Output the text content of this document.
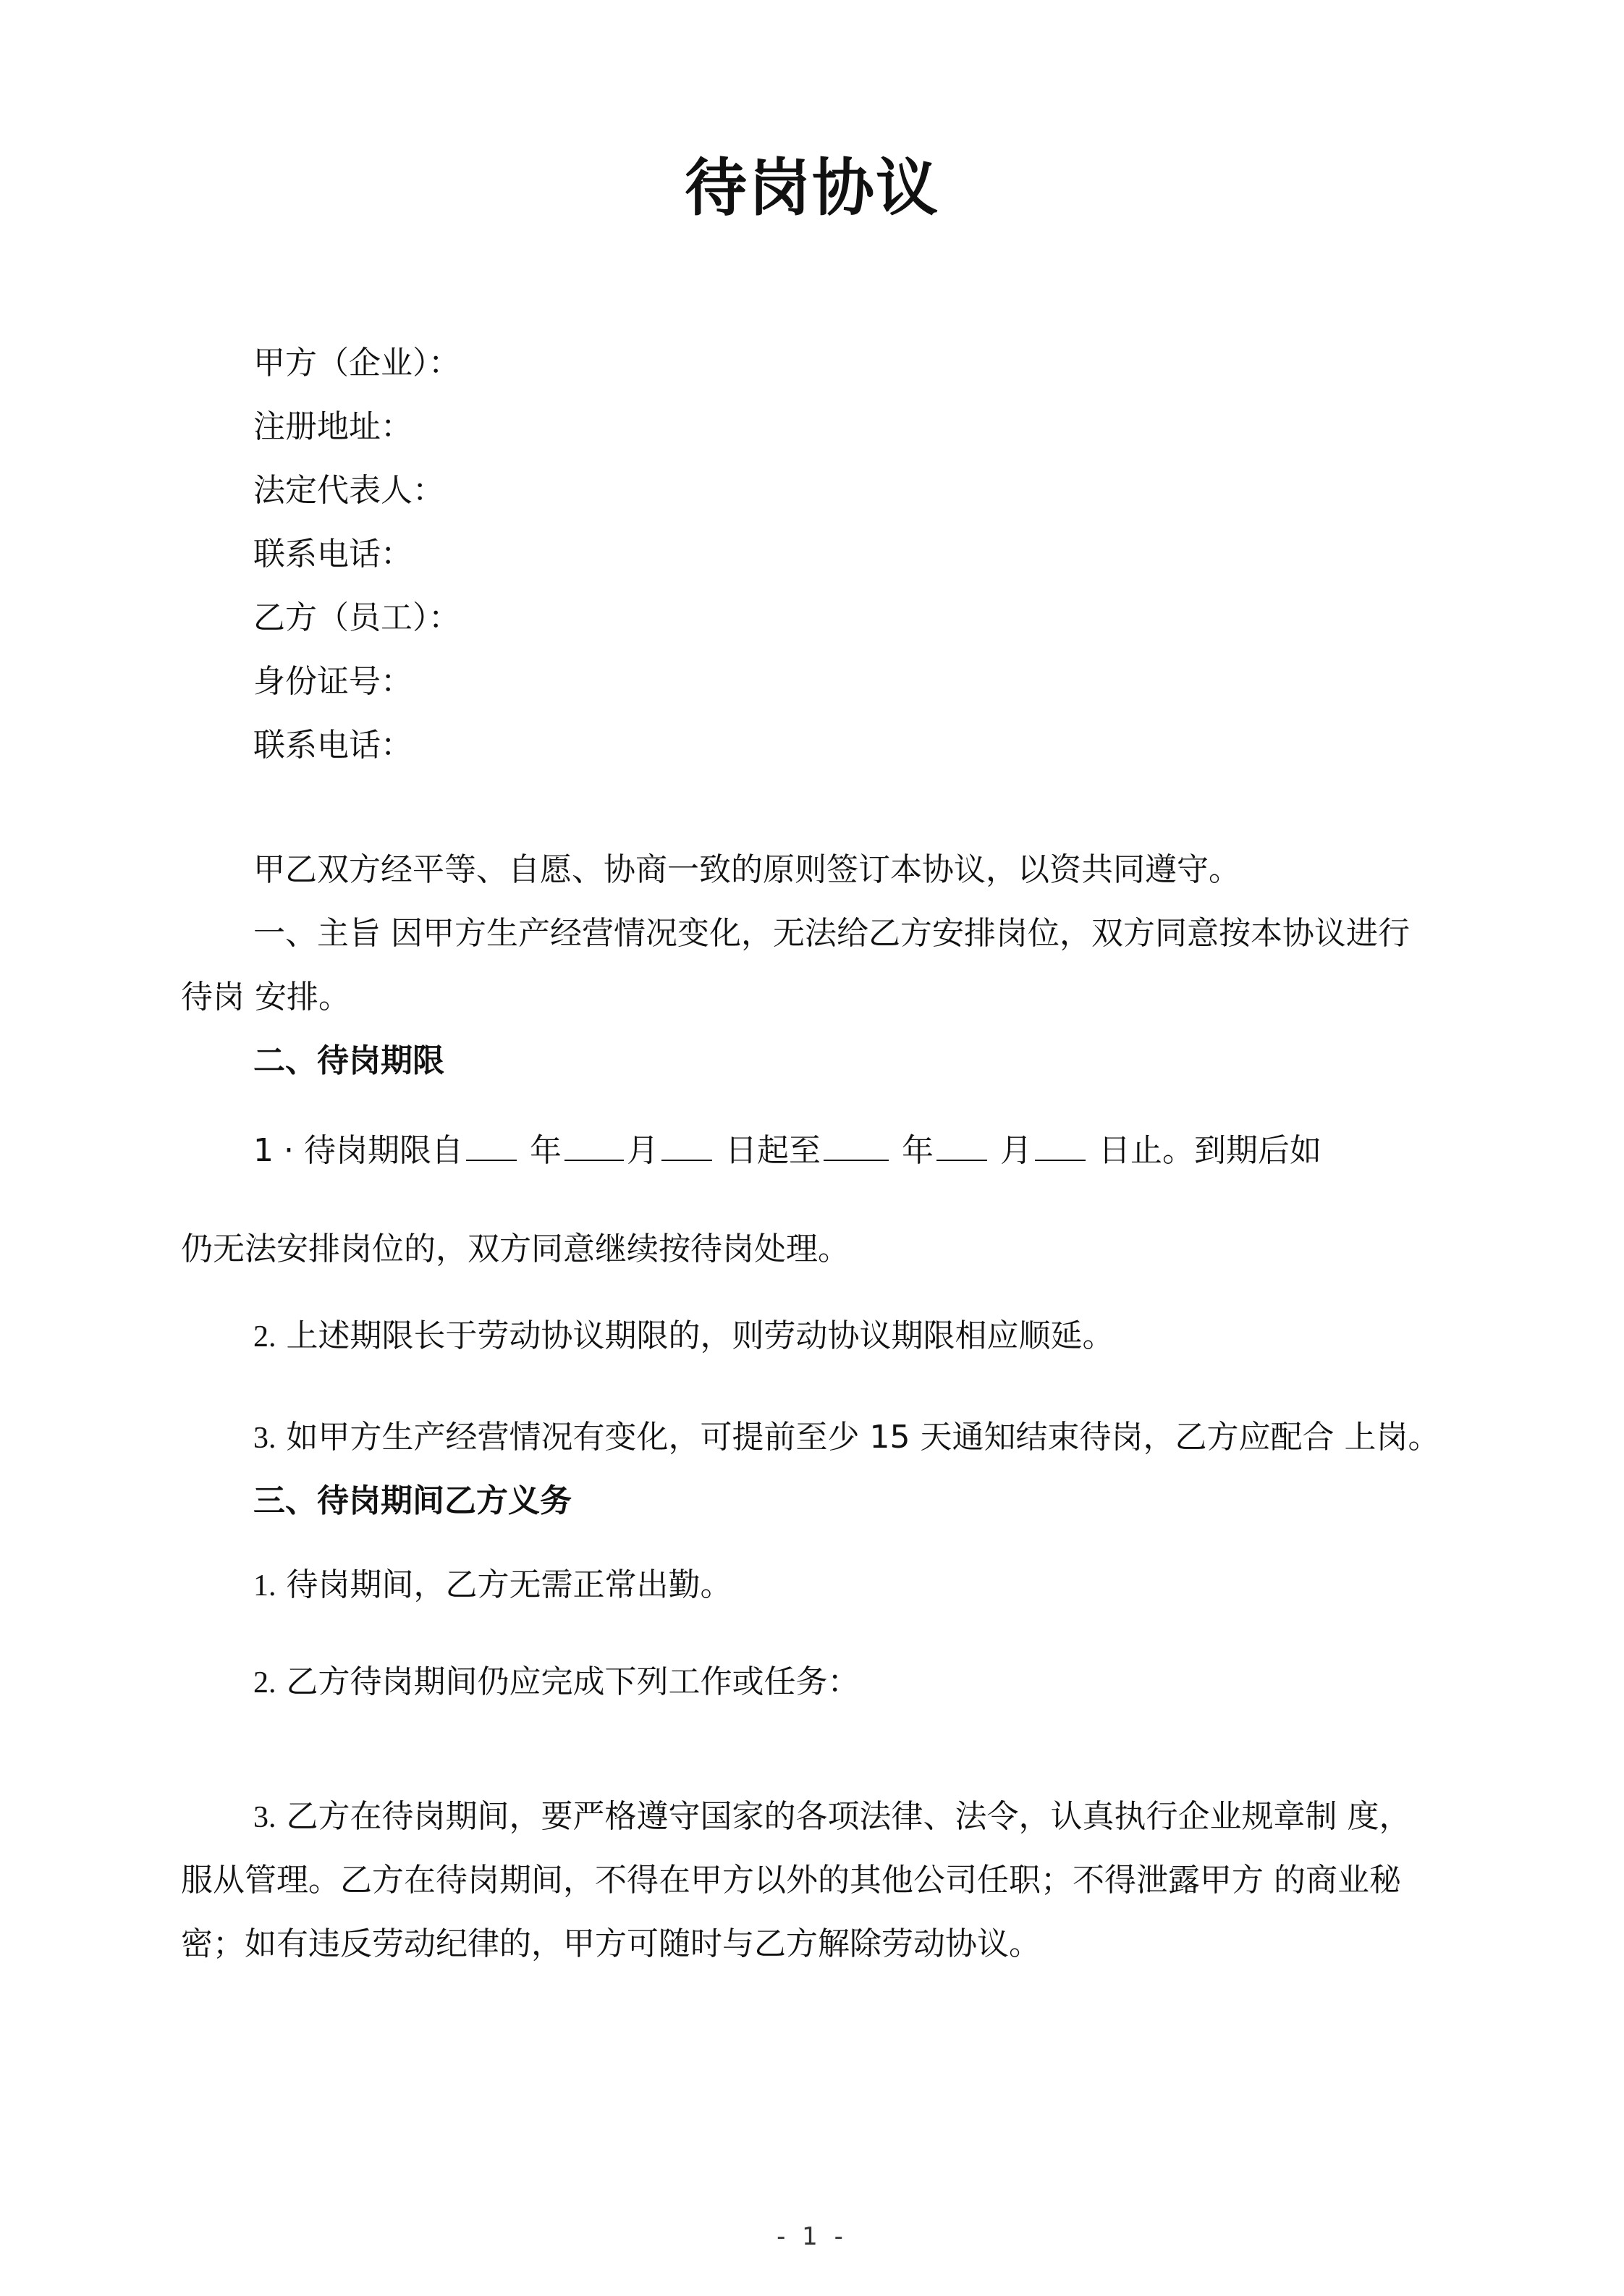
待岗协议
甲方（企业）：
注册地址：
法定代表人：
联系电话：
乙方（员工）：
身份证号：
联系电话：
甲乙双方经平等、自愿、协商一致的原则签订本协议，以资共同遵守。
一、主旨 因甲方生产经营情况变化，无法给乙方安排岗位，双方同意按本协议进行
待岗 安排。
二、待岗期限
1 · 待岗期限自 年 月 日起至	年 月 日止。到期后如
仍无法安排岗位的，双方同意继续按待岗处理。
2. 上述期限长于劳动协议期限的，则劳动协议期限相应顺延。
3. 如甲方生产经营情况有变化，可提前至少 15 天通知结束待岗，乙方应配合 上岗。
三、待岗期间乙方义务
1. 待岗期间，乙方无需正常出勤。
2. 乙方待岗期间仍应完成下列工作或任务：
3. 乙方在待岗期间，要严格遵守国家的各项法律、法令，认真执行企业规章制 度，
服从管理。乙方在待岗期间，不得在甲方以外的其他公司任职；不得泄露甲方 的商业秘
密；如有违反劳动纪律的，甲方可随时与乙方解除劳动协议。
- 1 -
